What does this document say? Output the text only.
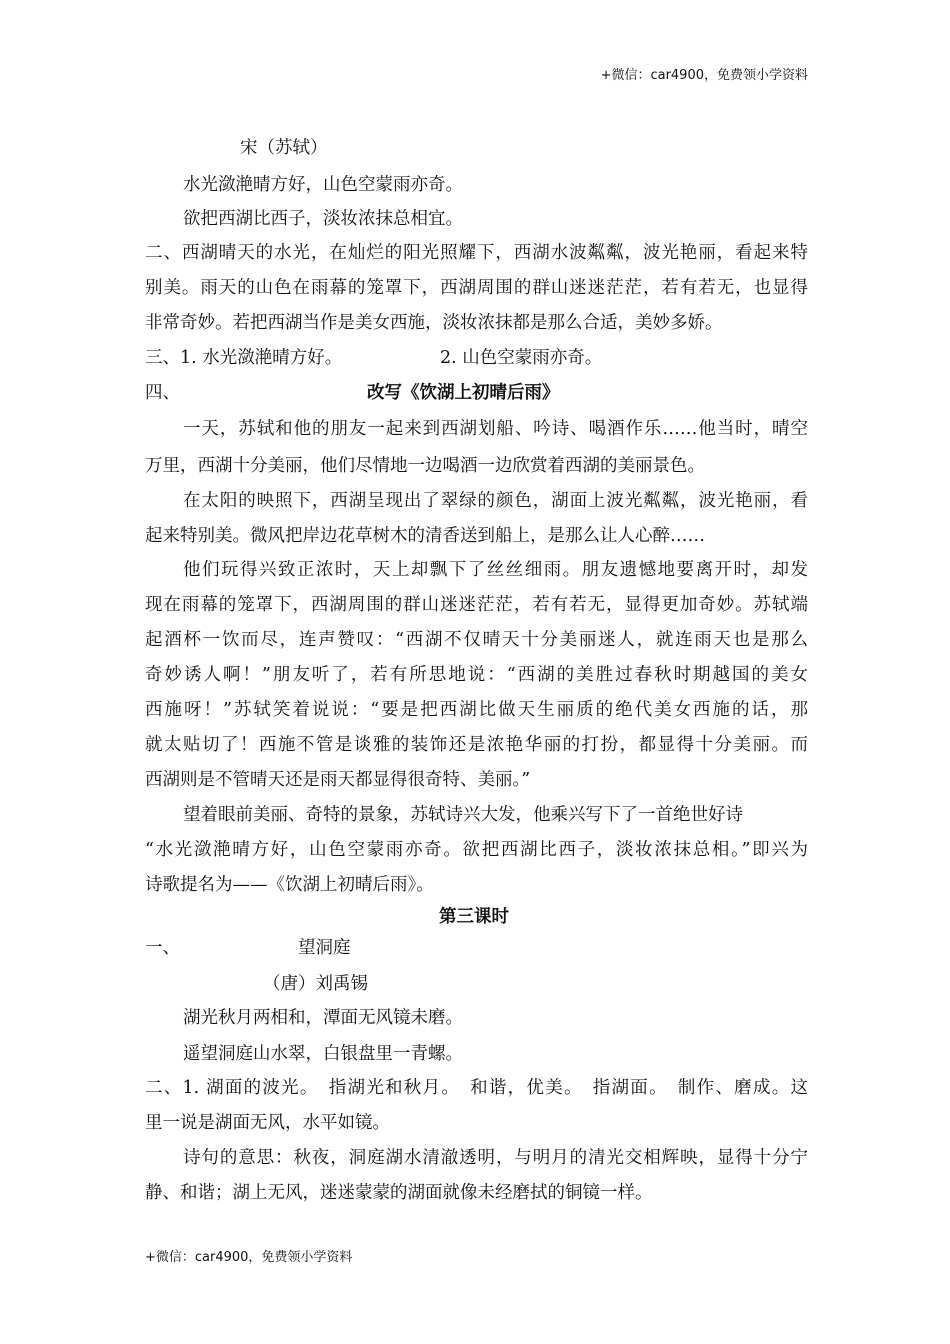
+微信：car4900，免费领小学资料
宋（苏轼）
水光潋滟晴方好，山色空蒙雨亦奇。
欲把西湖比西子，淡妆浓抹总相宜。
二、西湖晴天的水光，在灿烂的阳光照耀下，西湖水波粼粼，波光艳丽，看起来特
别美。雨天的山色在雨幕的笼罩下，西湖周围的群山迷迷茫茫，若有若无，也显得
非常奇妙。若把西湖当作是美女西施，淡妆浓抹都是那么合适，美妙多娇。
三、1. 水光潋滟晴方好。	2. 山色空蒙雨亦奇。
四、	改写《饮湖上初晴后雨》
一天，苏轼和他的朋友一起来到西湖划船、吟诗、喝酒作乐……他当时，晴空
万里，西湖十分美丽，他们尽情地一边喝酒一边欣赏着西湖的美丽景色。
在太阳的映照下，西湖呈现出了翠绿的颜色，湖面上波光粼粼，波光艳丽，看
起来特别美。微风把岸边花草树木的清香送到船上，是那么让人心醉……
他们玩得兴致正浓时，天上却飘下了丝丝细雨。朋友遗憾地要离开时，却发
现在雨幕的笼罩下，西湖周围的群山迷迷茫茫，若有若无，显得更加奇妙。苏轼端
起酒杯一饮而尽，连声赞叹：“西湖不仅晴天十分美丽迷人，就连雨天也是那么
奇妙诱人啊！”朋友听了，若有所思地说：“西湖的美胜过春秋时期越国的美女
西施呀！”苏轼笑着说说：“要是把西湖比做天生丽质的绝代美女西施的话，那
就太贴切了！西施不管是谈雅的装饰还是浓艳华丽的打扮，都显得十分美丽。而
西湖则是不管晴天还是雨天都显得很奇特、美丽。”
望着眼前美丽、奇特的景象，苏轼诗兴大发，他乘兴写下了一首绝世好诗
“水光潋滟晴方好，山色空蒙雨亦奇。欲把西湖比西子，淡妆浓抹总相。”即兴为
诗歌提名为——《饮湖上初晴后雨》。
第三课时
一、	望洞庭
（唐）刘禹锡
湖光秋月两相和，潭面无风镜未磨。
遥望洞庭山水翠，白银盘里一青螺。
二、1. 湖面的波光。　指湖光和秋月。　和谐，优美。　指湖面。　制作、磨成。这
里一说是湖面无风，水平如镜。
诗句的意思：秋夜，洞庭湖水清澈透明，与明月的清光交相辉映，显得十分宁
静、和谐；湖上无风，迷迷蒙蒙的湖面就像未经磨拭的铜镜一样。
+微信：car4900，免费领小学资料
